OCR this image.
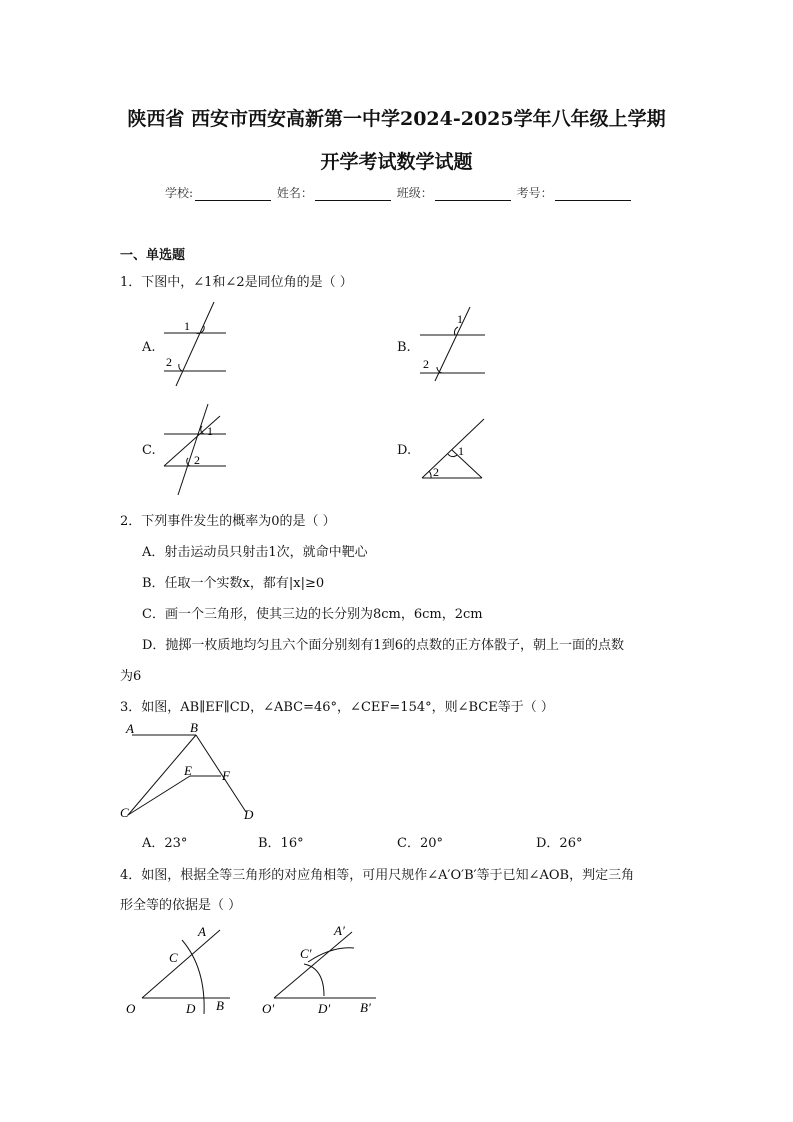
陕西省 西安市西安高新第一中学2024-2025学年八年级上学期
开学考试数学试题
学校:	姓名：	班级：	考号：
一、单选题
1．下图中，∠1和∠2是同位角的是（ ）
A.
1
2
B.
1
2
C.
1
2
D.	1
2
2．下列事件发生的概率为0的是（ ）
A．射击运动员只射击1次，就命中靶心
B．任取一个实数x，都有|x|≥0
C．画一个三角形，使其三边的长分别为8cm，6cm，2cm
D．抛掷一枚质地均匀且六个面分别刻有1到6的点数的正方体骰子，朝上一面的点数
为6
3．如图，AB∥EF∥CD，∠ABC=46°，∠CEF=154°，则∠BCE等于（ ）
A	B
C	D
E F
A．23°	B．16°	C．20°	D．26°
4．如图，根据全等三角形的对应角相等，可用尺规作∠A′O′B′等于已知∠AOB，判定三角
形全等的依据是（ ）
O
A
B
C
D	O′
A′
B′
C′
D′
